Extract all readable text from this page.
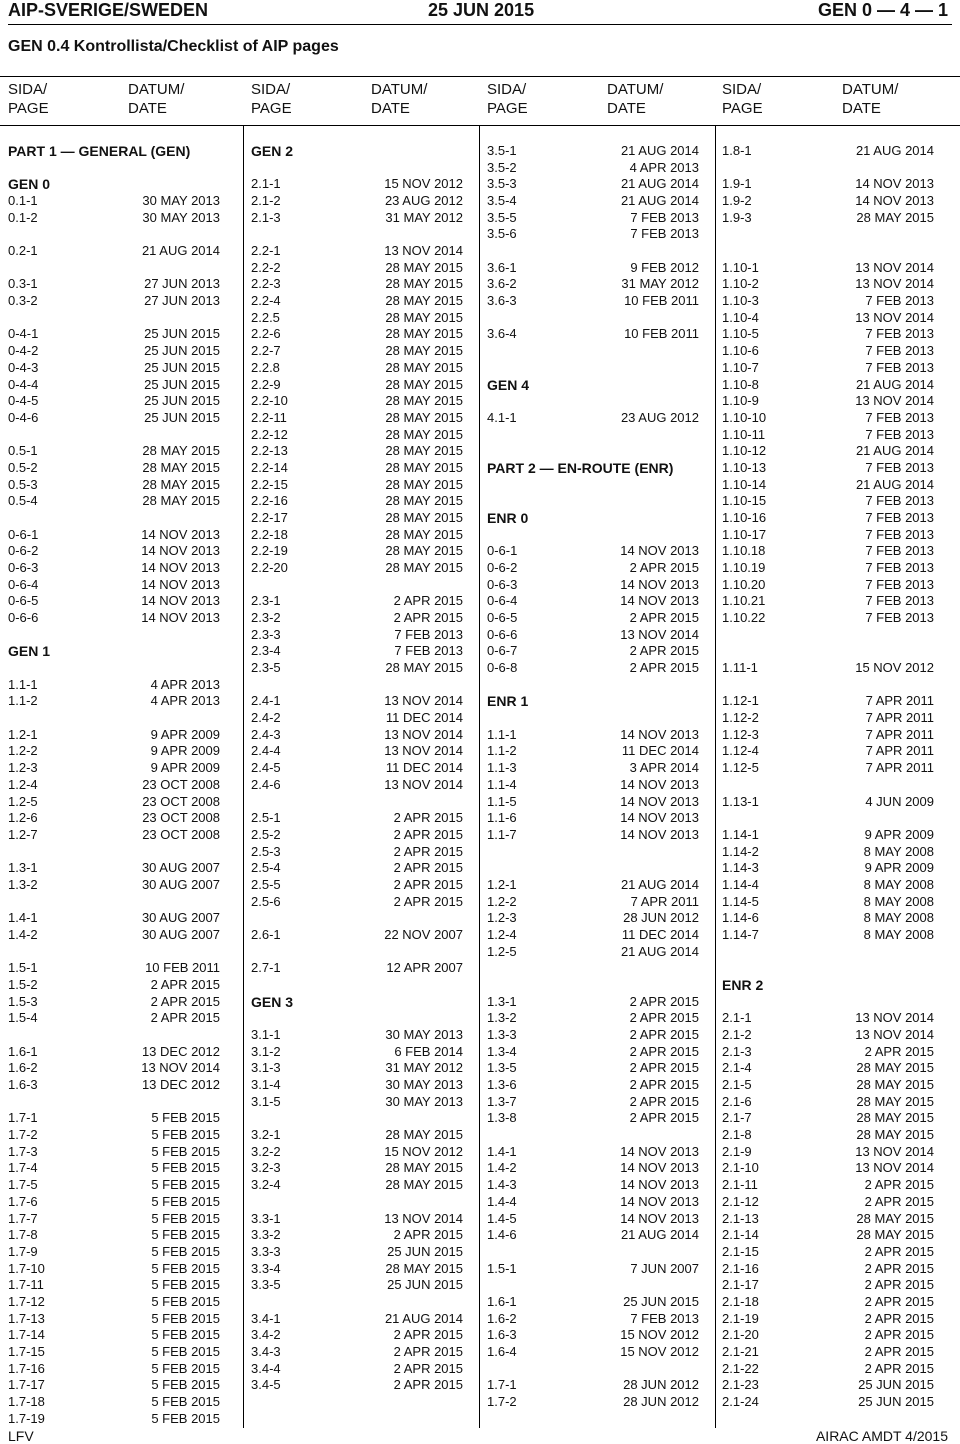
AIP-SVERIGE/SWEDEN	25 JUN 2015	GEN 0 — 4 — 1
GEN 0.4 Kontrollista/Checklist of AIP pages
SIDA/
PAGE
DATUM/
DATE
SIDA/
PAGE
DATUM/
DATE
SIDA/
PAGE
DATUM/
DATE
SIDA/
PAGE
DATUM/
DATE
PART 1 — GENERAL (GEN)
GEN 0
0.1-1	30 MAY 2013
0.1-2	30 MAY 2013
0.2-1	21 AUG 2014
0.3-1	27 JUN 2013
0.3-2	27 JUN 2013
0-4-1	25 JUN 2015
0-4-2	25 JUN 2015
0-4-3	25 JUN 2015
0-4-4	25 JUN 2015
0-4-5	25 JUN 2015
0-4-6	25 JUN 2015
0.5-1	28 MAY 2015
0.5-2	28 MAY 2015
0.5-3	28 MAY 2015
0.5-4	28 MAY 2015
0-6-1	14 NOV 2013
0-6-2	14 NOV 2013
0-6-3	14 NOV 2013
0-6-4	14 NOV 2013
0-6-5	14 NOV 2013
0-6-6	14 NOV 2013
GEN 1
1.1-1	4 APR 2013
1.1-2	4 APR 2013
1.2-1	9 APR 2009
1.2-2	9 APR 2009
1.2-3	9 APR 2009
1.2-4	23 OCT 2008
1.2-5	23 OCT 2008
1.2-6	23 OCT 2008
1.2-7	23 OCT 2008
1.3-1	30 AUG 2007
1.3-2	30 AUG 2007
1.4-1	30 AUG 2007
1.4-2	30 AUG 2007
1.5-1	10 FEB 2011
1.5-2	2 APR 2015
1.5-3	2 APR 2015
1.5-4	2 APR 2015
1.6-1	13 DEC 2012
1.6-2	13 NOV 2014
1.6-3	13 DEC 2012
1.7-1	5 FEB 2015
1.7-2	5 FEB 2015
1.7-3	5 FEB 2015
1.7-4	5 FEB 2015
1.7-5	5 FEB 2015
1.7-6	5 FEB 2015
1.7-7	5 FEB 2015
1.7-8	5 FEB 2015
1.7-9	5 FEB 2015
1.7-10	5 FEB 2015
1.7-11	5 FEB 2015
1.7-12	5 FEB 2015
1.7-13	5 FEB 2015
1.7-14	5 FEB 2015
1.7-15	5 FEB 2015
1.7-16	5 FEB 2015
1.7-17	5 FEB 2015
1.7-18	5 FEB 2015
1.7-19	5 FEB 2015
GEN 2
2.1-1	15 NOV 2012
2.1-2	23 AUG 2012
2.1-3	31 MAY 2012
2.2-1	13 NOV 2014
2.2-2	28 MAY 2015
2.2-3	28 MAY 2015
2.2-4	28 MAY 2015
2.2.5	28 MAY 2015
2.2-6	28 MAY 2015
2.2-7	28 MAY 2015
2.2.8	28 MAY 2015
2.2-9	28 MAY 2015
2.2-10	28 MAY 2015
2.2-11	28 MAY 2015
2.2-12	28 MAY 2015
2.2-13	28 MAY 2015
2.2-14	28 MAY 2015
2.2-15	28 MAY 2015
2.2-16	28 MAY 2015
2.2-17	28 MAY 2015
2.2-18	28 MAY 2015
2.2-19	28 MAY 2015
2.2-20	28 MAY 2015
2.3-1	2 APR 2015
2.3-2	2 APR 2015
2.3-3	7 FEB 2013
2.3-4	7 FEB 2013
2.3-5	28 MAY 2015
2.4-1	13 NOV 2014
2.4-2	11 DEC 2014
2.4-3	13 NOV 2014
2.4-4	13 NOV 2014
2.4-5	11 DEC 2014
2.4-6	13 NOV 2014
2.5-1	2 APR 2015
2.5-2	2 APR 2015
2.5-3	2 APR 2015
2.5-4	2 APR 2015
2.5-5	2 APR 2015
2.5-6	2 APR 2015
2.6-1	22 NOV 2007
2.7-1	12 APR 2007
GEN 3
3.1-1	30 MAY 2013
3.1-2	6 FEB 2014
3.1-3	31 MAY 2012
3.1-4	30 MAY 2013
3.1-5	30 MAY 2013
3.2-1	28 MAY 2015
3.2-2	15 NOV 2012
3.2-3	28 MAY 2015
3.2-4	28 MAY 2015
3.3-1	13 NOV 2014
3.3-2	2 APR 2015
3.3-3	25 JUN 2015
3.3-4	28 MAY 2015
3.3-5	25 JUN 2015
3.4-1	21 AUG 2014
3.4-2	2 APR 2015
3.4-3	2 APR 2015
3.4-4	2 APR 2015
3.4-5	2 APR 2015
3.5-1	21 AUG 2014
3.5-2	4 APR 2013
3.5-3	21 AUG 2014
3.5-4	21 AUG 2014
3.5-5	7 FEB 2013
3.5-6	7 FEB 2013
3.6-1	9 FEB 2012
3.6-2	31 MAY 2012
3.6-3	10 FEB 2011
3.6-4	10 FEB 2011
GEN 4
4.1-1	23 AUG 2012
PART 2 — EN-ROUTE (ENR)
ENR 0
0-6-1	14 NOV 2013
0-6-2	2 APR 2015
0-6-3	14 NOV 2013
0-6-4	14 NOV 2013
0-6-5	2 APR 2015
0-6-6	13 NOV 2014
0-6-7	2 APR 2015
0-6-8	2 APR 2015
ENR 1
1.1-1	14 NOV 2013
1.1-2	11 DEC 2014
1.1-3	3 APR 2014
1.1-4	14 NOV 2013
1.1-5	14 NOV 2013
1.1-6	14 NOV 2013
1.1-7	14 NOV 2013
1.2-1	21 AUG 2014
1.2-2	7 APR 2011
1.2-3	28 JUN 2012
1.2-4	11 DEC 2014
1.2-5	21 AUG 2014
1.3-1	2 APR 2015
1.3-2	2 APR 2015
1.3-3	2 APR 2015
1.3-4	2 APR 2015
1.3-5	2 APR 2015
1.3-6	2 APR 2015
1.3-7	2 APR 2015
1.3-8	2 APR 2015
1.4-1	14 NOV 2013
1.4-2	14 NOV 2013
1.4-3	14 NOV 2013
1.4-4	14 NOV 2013
1.4-5	14 NOV 2013
1.4-6	21 AUG 2014
1.5-1	7 JUN 2007
1.6-1	25 JUN 2015
1.6-2	7 FEB 2013
1.6-3	15 NOV 2012
1.6-4	15 NOV 2012
1.7-1	28 JUN 2012
1.7-2	28 JUN 2012
1.8-1	21 AUG 2014
1.9-1	14 NOV 2013
1.9-2	14 NOV 2013
1.9-3	28 MAY 2015
1.10-1	13 NOV 2014
1.10-2	13 NOV 2014
1.10-3	7 FEB 2013
1.10-4	13 NOV 2014
1.10-5	7 FEB 2013
1.10-6	7 FEB 2013
1.10-7	7 FEB 2013
1.10-8	21 AUG 2014
1.10-9	13 NOV 2014
1.10-10	7 FEB 2013
1.10-11	7 FEB 2013
1.10-12	21 AUG 2014
1.10-13	7 FEB 2013
1.10-14	21 AUG 2014
1.10-15	7 FEB 2013
1.10-16	7 FEB 2013
1.10-17	7 FEB 2013
1.10.18	7 FEB 2013
1.10.19	7 FEB 2013
1.10.20	7 FEB 2013
1.10.21	7 FEB 2013
1.10.22	7 FEB 2013
1.11-1	15 NOV 2012
1.12-1	7 APR 2011
1.12-2	7 APR 2011
1.12-3	7 APR 2011
1.12-4	7 APR 2011
1.12-5	7 APR 2011
1.13-1	4 JUN 2009
1.14-1	9 APR 2009
1.14-2	8 MAY 2008
1.14-3	9 APR 2009
1.14-4	8 MAY 2008
1.14-5	8 MAY 2008
1.14-6	8 MAY 2008
1.14-7	8 MAY 2008
ENR 2
2.1-1	13 NOV 2014
2.1-2	13 NOV 2014
2.1-3	2 APR 2015
2.1-4	28 MAY 2015
2.1-5	28 MAY 2015
2.1-6	28 MAY 2015
2.1-7	28 MAY 2015
2.1-8	28 MAY 2015
2.1-9	13 NOV 2014
2.1-10	13 NOV 2014
2.1-11	2 APR 2015
2.1-12	2 APR 2015
2.1-13	28 MAY 2015
2.1-14	28 MAY 2015
2.1-15	2 APR 2015
2.1-16	2 APR 2015
2.1-17	2 APR 2015
2.1-18	2 APR 2015
2.1-19	2 APR 2015
2.1-20	2 APR 2015
2.1-21	2 APR 2015
2.1-22	2 APR 2015
2.1-23	25 JUN 2015
2.1-24	25 JUN 2015
LFV	AIRAC AMDT 4/2015
